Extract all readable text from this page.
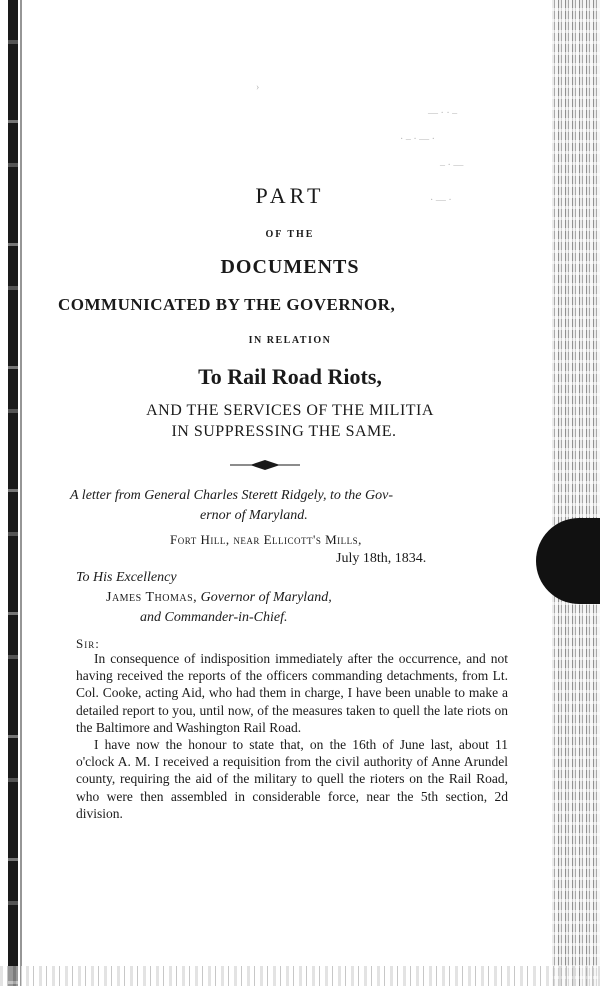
›
— · · –
· – · — ·
– · —
· — ·
PART
OF THE
DOCUMENTS
COMMUNICATED BY THE GOVERNOR,
IN RELATION
To Rail Road Riots,
AND THE SERVICES OF THE MILITIA
IN SUPPRESSING THE SAME.
A letter from General Charles Sterett Ridgely, to the Gov-
ernor of Maryland.
Fort Hill, near Ellicott's Mills,
July 18th, 1834.
To His Excellency
James Thomas, Governor of Maryland,
and Commander-in-Chief.
Sir:

In consequence of indisposition immediately after the occurrence, and not having received the reports of the officers commanding detachments, from Lt. Col. Cooke, acting Aid, who had them in charge, I have been unable to make a detailed report to you, until now, of the measures taken to quell the late riots on the Baltimore and Washington Rail Road.

I have now the honour to state that, on the 16th of June last, about 11 o'clock A. M. I received a requisition from the civil authority of Anne Arundel county, requiring the aid of the military to quell the rioters on the Rail Road, who were then assembled in considerable force, near the 5th section, 2d division.
